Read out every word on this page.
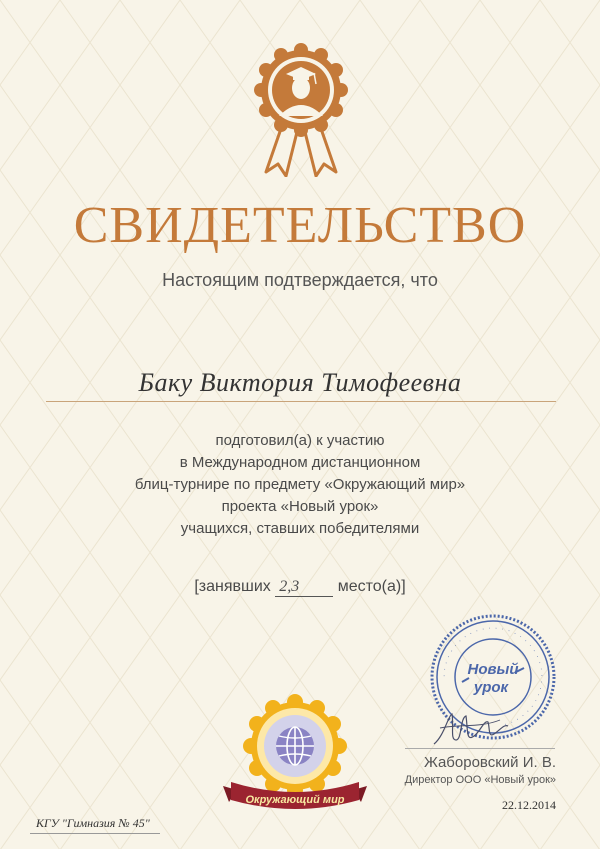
СВИДЕТЕЛЬСТВО
Настоящим подтверждается, что
Баку Виктория Тимофеевна
подготовил(а) к участию
в Международном дистанционном
блиц-турнире по предмету «Окружающий мир»
проекта «Новый урок»
учащихся, ставших победителями
[занявших 2,3 место(а)]
· · · · · · · · · · · · · · · · · · · · · · · · · · · · · · · · · ·
Новый
урок
Жаборовский И. В.
Директор ООО «Новый урок»
22.12.2014
Окружающий мир
КГУ "Гимназия № 45"
